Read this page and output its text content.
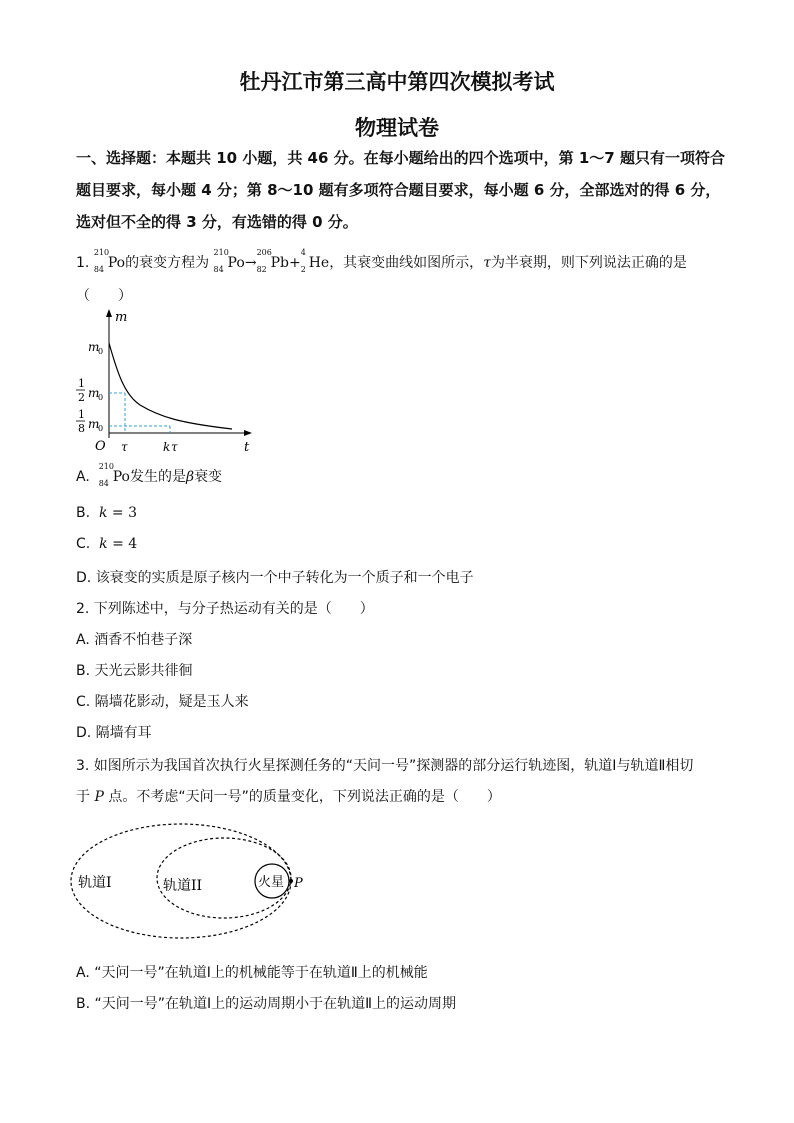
牡丹江市第三高中第四次模拟考试
物理试卷
一、选择题：本题共 10 小题，共 46 分。在每小题给出的四个选项中，第 1～7 题只有一项符合题目要求，每小题 4 分；第 8～10 题有多项符合题目要求，每小题 6 分，全部选对的得 6 分，选对但不全的得 3 分，有选错的得 0 分。
1.
210
84 Po的衰变方程为
210
84 Po→
206
82 Pb+
4
2 He，其衰变曲线如图所示，τ为半衰期，则下列说法正确的是
（　　）
m
t
O
m
0
1
2 m
0
1
8 m
0
τ	k τ
A.
210
84 Po发生的是β衰变
B. k = 3
C. k = 4
D. 该衰变的实质是原子核内一个中子转化为一个质子和一个电子
2. 下列陈述中，与分子热运动有关的是（　　）
A. 酒香不怕巷子深
B. 天光云影共徘徊
C. 隔墙花影动，疑是玉人来
D. 隔墙有耳
3. 如图所示为我国首次执行火星探测任务的“天问一号”探测器的部分运行轨迹图，轨道Ⅰ与轨道Ⅱ相切
于 P 点。不考虑“天问一号”的质量变化，下列说法正确的是（　　）
轨道I	轨道II	火星 P
A. “天问一号”在轨道Ⅰ上的机械能等于在轨道Ⅱ上的机械能
B. “天问一号”在轨道Ⅰ上的运动周期小于在轨道Ⅱ上的运动周期
